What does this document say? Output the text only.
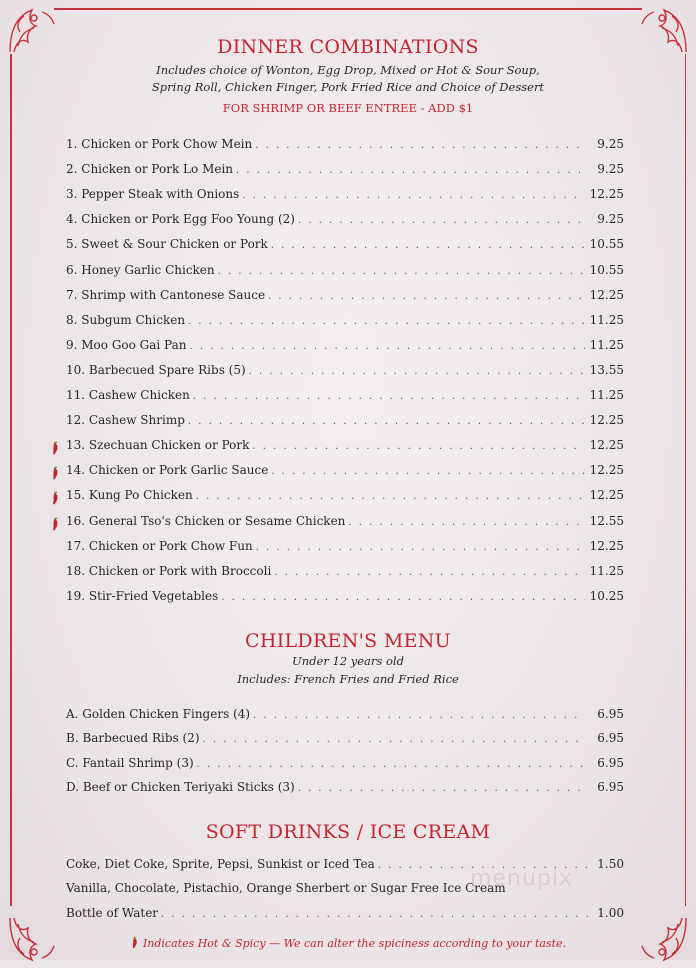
DINNER COMBINATIONS
Includes choice of Wonton, Egg Drop, Mixed or Hot & Sour Soup,
Spring Roll, Chicken Finger, Pork Fried Rice and Choice of Dessert
FOR SHRIMP OR BEEF ENTREE - ADD $1
1. Chicken or Pork Chow Mein . . .	9.25
2. Chicken or Pork Lo Mein . . .	9.25
3. Pepper Steak with Onions . . .	12.25
4. Chicken or Pork Egg Foo Young (2) . . .	9.25
5. Sweet & Sour Chicken or Pork . . .	10.55
6. Honey Garlic Chicken . . .	10.55
7. Shrimp with Cantonese Sauce . . .	12.25
8. Subgum Chicken . . .	11.25
9. Moo Goo Gai Pan . . .	11.25
10. Barbecued Spare Ribs (5) . . .	13.55
11. Cashew Chicken . . .	11.25
12. Cashew Shrimp . . .	12.25
13. Szechuan Chicken or Pork . . .	12.25
14. Chicken or Pork Garlic Sauce . . .	12.25
15. Kung Po Chicken . . .	12.25
16. General Tso's Chicken or Sesame Chicken . . .	12.55
17. Chicken or Pork Chow Fun . . .	12.25
18. Chicken or Pork with Broccoli . . .	11.25
19. Stir-Fried Vegetables . . .	10.25
CHILDREN'S MENU
Under 12 years old
Includes: French Fries and Fried Rice
A. Golden Chicken Fingers (4) . . .	6.95
B. Barbecued Ribs (2) . . .	6.95
C. Fantail Shrimp (3) . . .	6.95
D. Beef or Chicken Teriyaki Sticks (3) . . .	6.95
SOFT DRINKS / ICE CREAM
Coke, Diet Coke, Sprite, Pepsi, Sunkist or Iced Tea . . .	1.50
Vanilla, Chocolate, Pistachio, Orange Sherbert or Sugar Free Ice Cream
Bottle of Water . . .	1.00
menupix
Indicates Hot & Spicy — We can alter the spiciness according to your taste.
